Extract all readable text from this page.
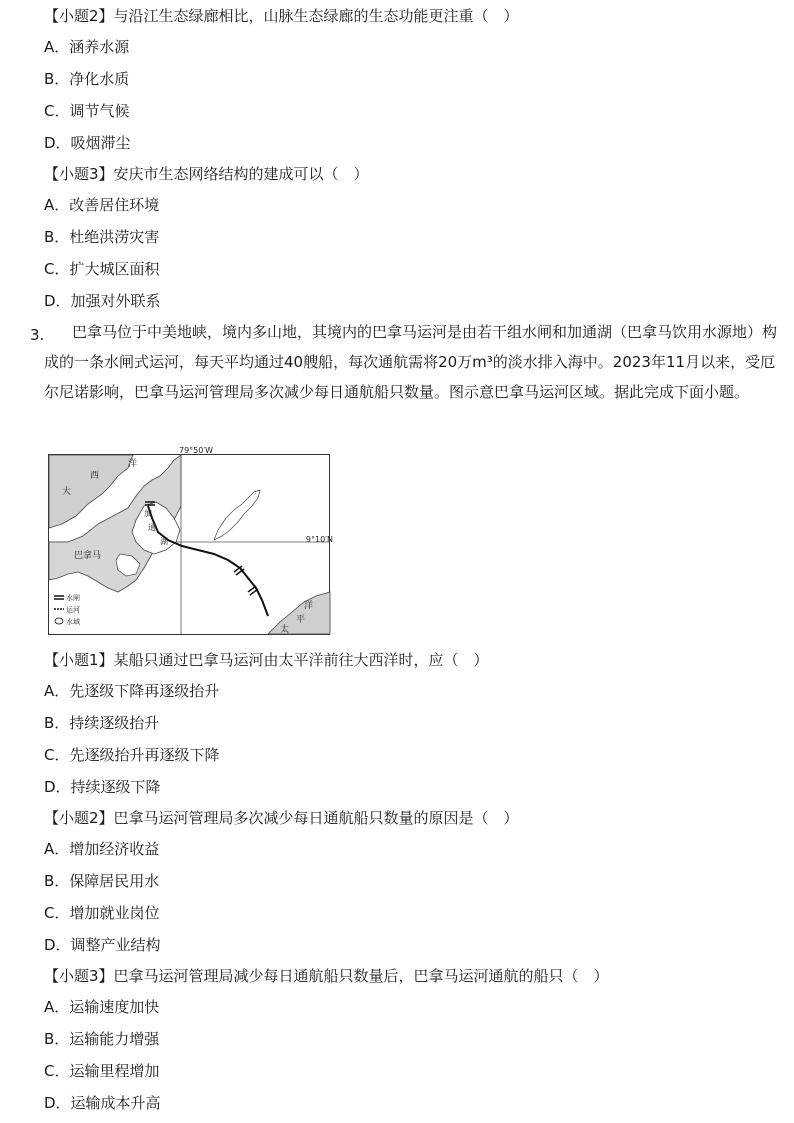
【小题2】与沿江生态绿廊相比，山脉生态绿廊的生态功能更注重（　）
A．涵养水源
B．净化水质
C．调节气候
D．吸烟滞尘
【小题3】安庆市生态网络结构的建成可以（　）
A．改善居住环境
B．杜绝洪涝灾害
C．扩大城区面积
D．加强对外联系
3.	巴拿马位于中美地峡，境内多山地，其境内的巴拿马运河是由若干组水闸和加通湖（巴拿马饮用水源地）构成的一条水闸式运河，每天平均通过40艘船，每次通航需将20万m³的淡水排入海中。2023年11月以来，受厄尔尼诺影响，巴拿马运河管理局多次减少每日通航船只数量。图示意巴拿马运河区域。据此完成下面小题。
79°50′W
9°10′N
大
西
洋
巴拿马
加
通
湖
洋
平
太
水闸
运河
水域
【小题1】某船只通过巴拿马运河由太平洋前往大西洋时，应（　）
A．先逐级下降再逐级抬升
B．持续逐级抬升
C．先逐级抬升再逐级下降
D．持续逐级下降
【小题2】巴拿马运河管理局多次减少每日通航船只数量的原因是（　）
A．增加经济收益
B．保障居民用水
C．增加就业岗位
D．调整产业结构
【小题3】巴拿马运河管理局减少每日通航船只数量后，巴拿马运河通航的船只（　）
A．运输速度加快
B．运输能力增强
C．运输里程增加
D．运输成本升高
